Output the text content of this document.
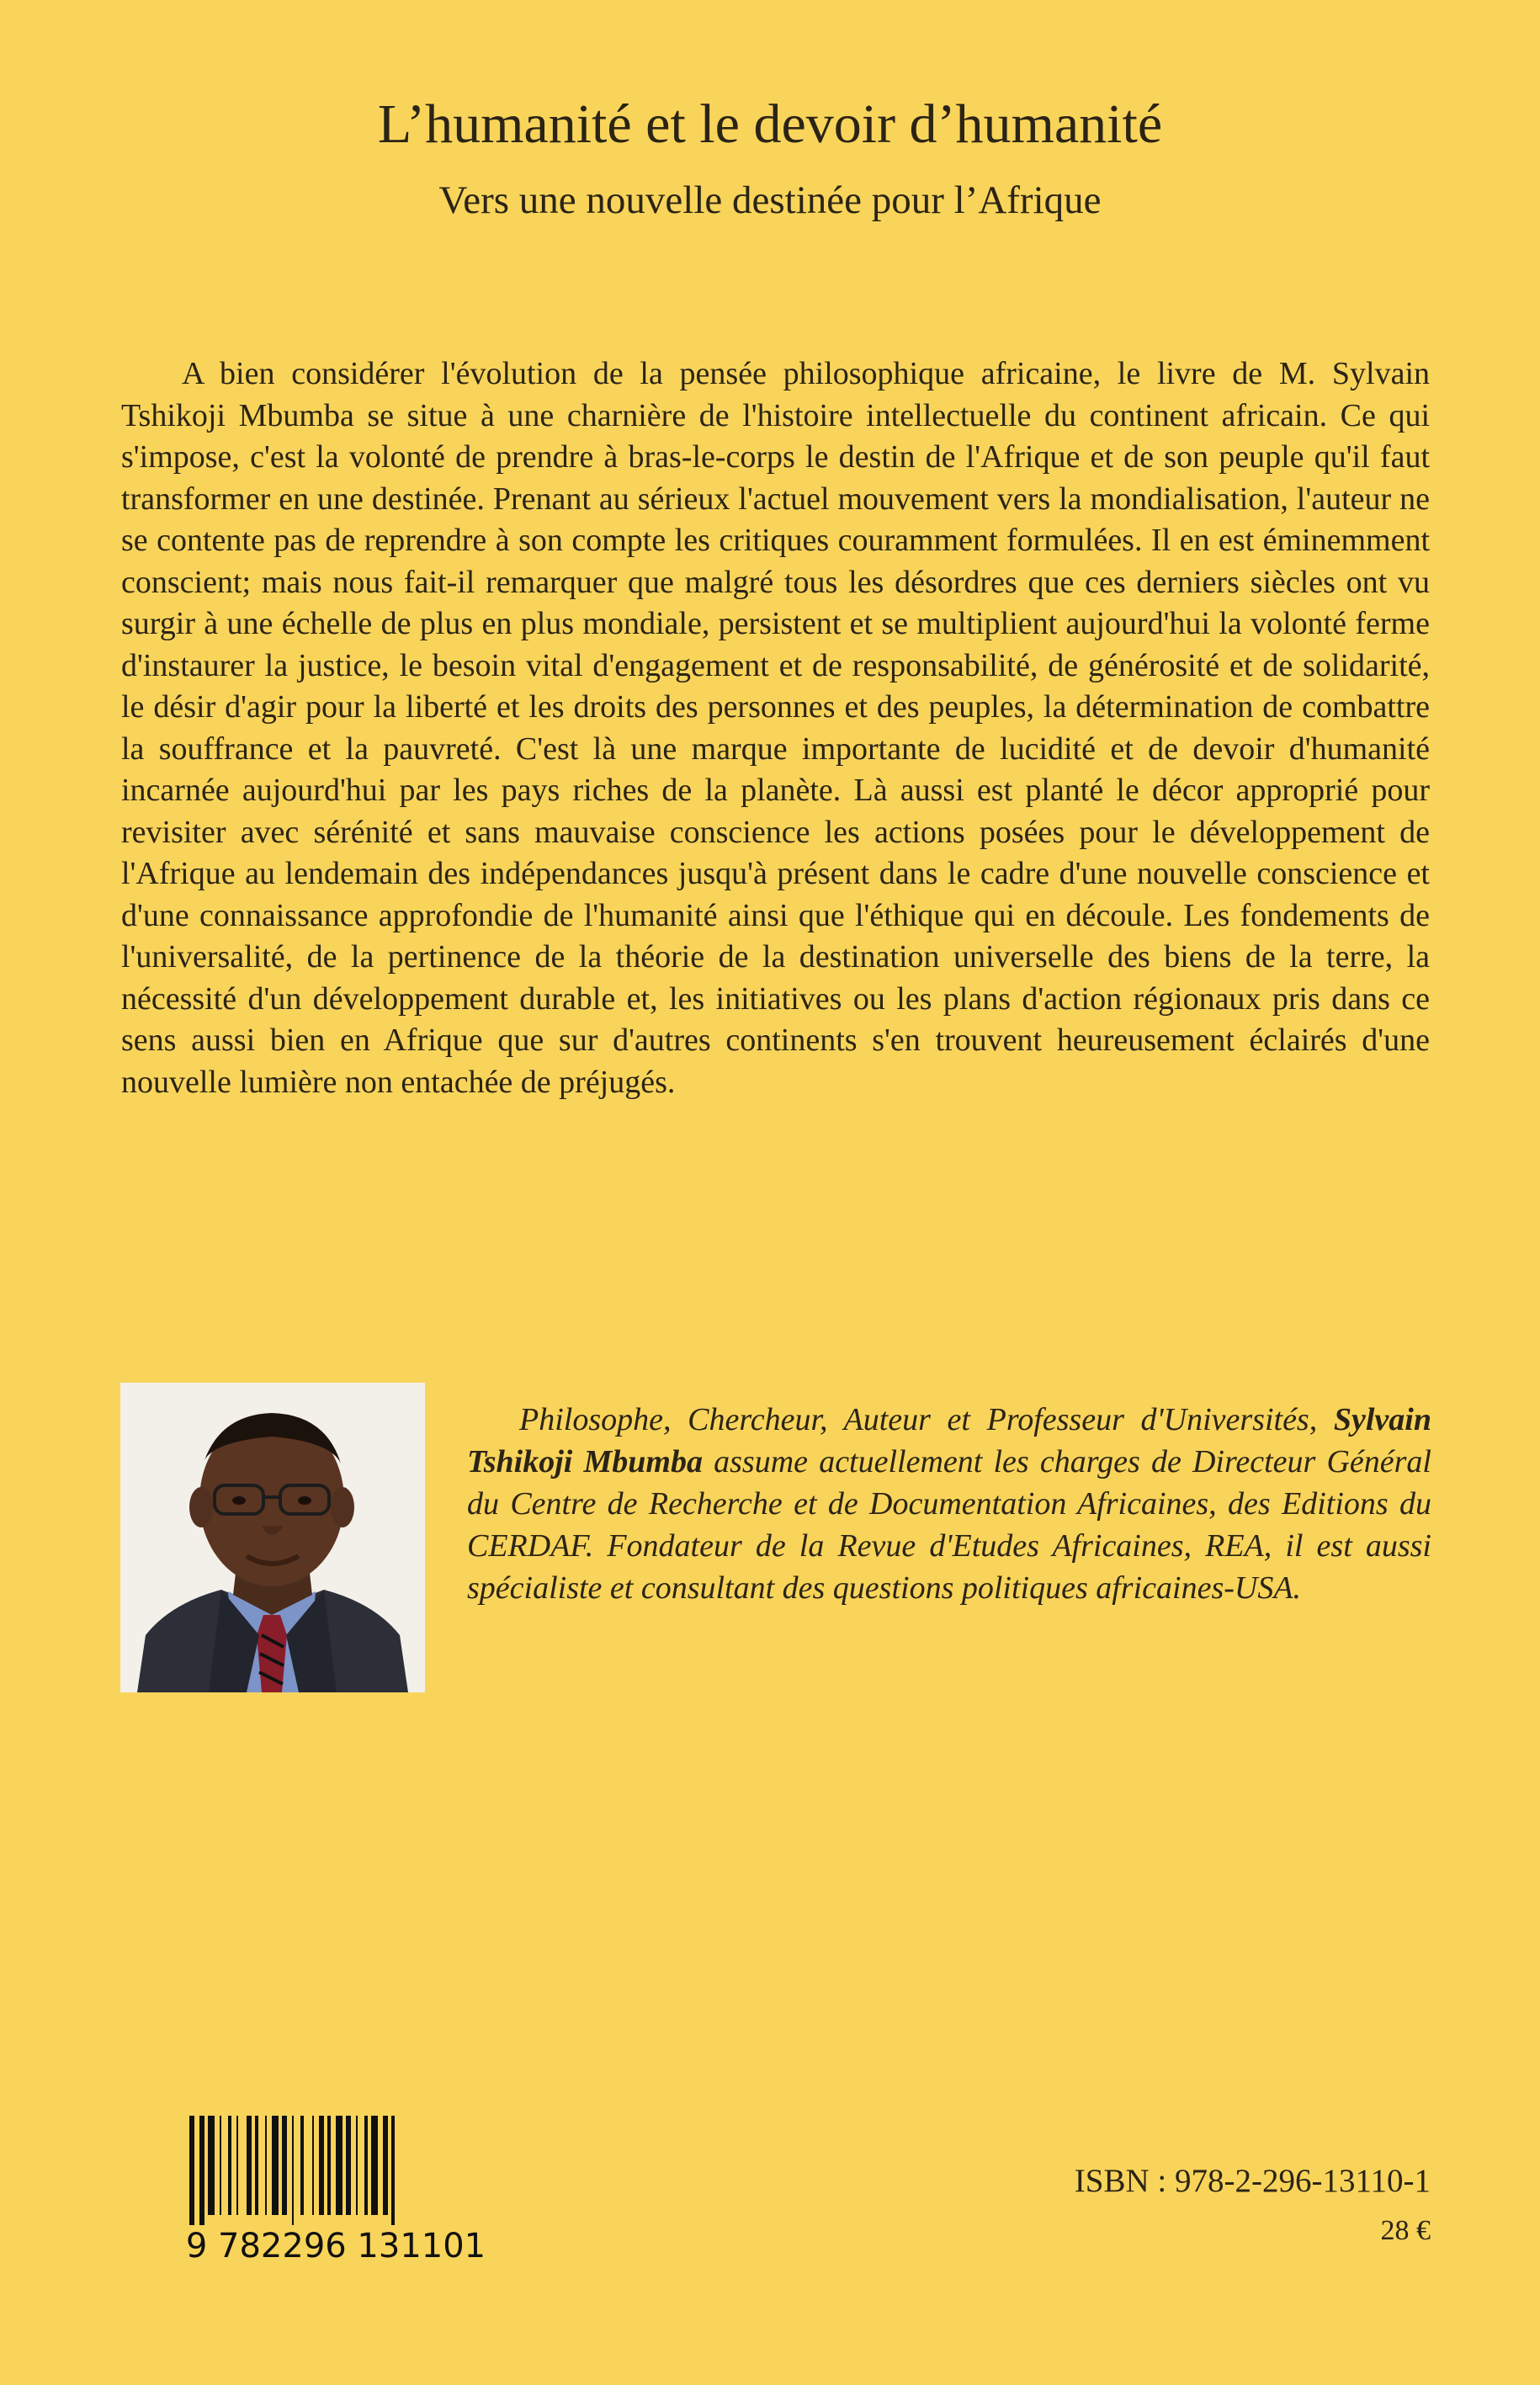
L’humanité et le devoir d’humanité
Vers une nouvelle destinée pour l’Afrique

A bien considérer l'évolution de la pensée philosophique africaine, le livre de M. Sylvain Tshikoji Mbumba se situe à une charnière de l'histoire intellectuelle du continent africain. Ce qui s'impose, c'est la volonté de prendre à bras-le-corps le destin de l'Afrique et de son peuple qu'il faut transformer en une destinée. Prenant au sérieux l'actuel mouvement vers la mondialisation, l'auteur ne se contente pas de reprendre à son compte les critiques couramment formulées. Il en est éminemment conscient; mais nous fait-il remarquer que malgré tous les désordres que ces derniers siècles ont vu surgir à une échelle de plus en plus mondiale, persistent et se multiplient aujourd'hui la volonté ferme d'instaurer la justice, le besoin vital d'engagement et de responsabilité, de générosité et de solidarité, le désir d'agir pour la liberté et les droits des personnes et des peuples, la détermination de combattre la souffrance et la pauvreté. C'est là une marque importante de lucidité et de devoir d'humanité incarnée aujourd'hui par les pays riches de la planète. Là aussi est planté le décor approprié pour revisiter avec sérénité et sans mauvaise conscience les actions posées pour le développement de l'Afrique au lendemain des indépendances jusqu'à présent dans le cadre d'une nouvelle conscience et d'une connaissance approfondie de l'humanité ainsi que l'éthique qui en découle. Les fondements de l'universalité, de la pertinence de la théorie de la destination universelle des biens de la terre, la nécessité d'un développement durable et, les initiatives ou les plans d'action régionaux pris dans ce sens aussi bien en Afrique que sur d'autres continents s'en trouvent heureusement éclairés d'une nouvelle lumière non entachée de préjugés.

Philosophe, Chercheur, Auteur et Professeur d'Universités, Sylvain Tshikoji Mbumba assume actuellement les charges de Directeur Général du Centre de Recherche et de Documentation Africaines, des Editions du CERDAF. Fondateur de la Revue d'Etudes Africaines, REA, il est aussi spécialiste et consultant des questions politiques africaines-USA.

9 782296 131101

ISBN : 978-2-296-13110-1

28 €
